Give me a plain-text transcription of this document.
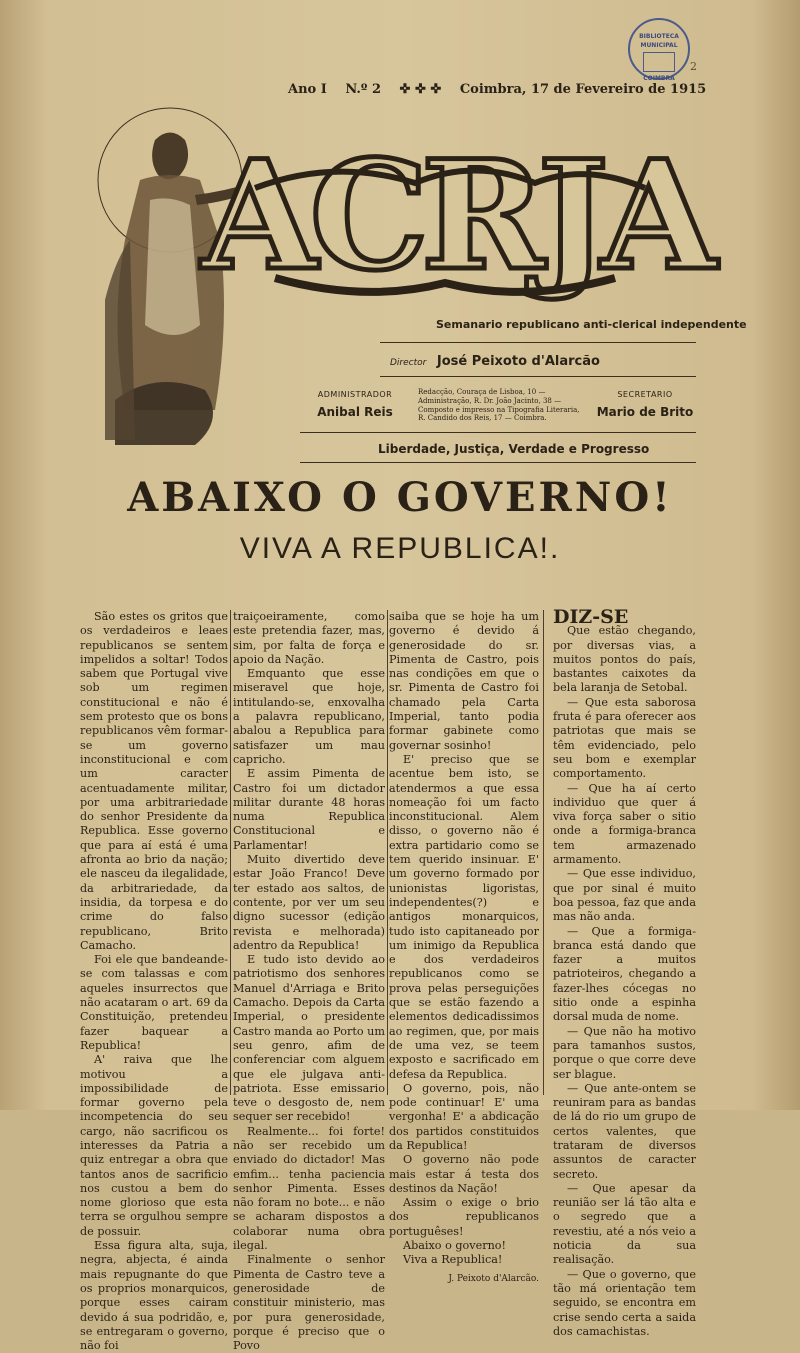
BIBLIOTECA MUNICIPAL
COIMBRA
2
Ano I N.º 2 ✜ ✜ ✜ Coimbra, 17 de Fevereiro de 1915
ACRJA
Semanario republicano anti-clerical independente
Director José Peixoto d'Alarcão
ADMINISTRADOR
Anibal Reis
Redacção, Couraça de Lisboa, 10 — Administração, R. Dr. João Jacinto, 38 — Composto e impresso na Tipografia Literaria, R. Candido dos Reis, 17 — Coimbra.
SECRETARIO
Mario de Brito
Liberdade, Justiça, Verdade e Progresso
ABAIXO O GOVERNO!
VIVA A REPUBLICA!.

São estes os gritos que os verdadeiros e leaes republicanos se sentem impelidos a soltar! Todos sabem que Portugal vive sob um regimen constitucional e não é sem protesto que os bons republicanos vêm formar-se um governo inconstitucional e com um caracter acentuadamente militar, por uma arbitrariedade do senhor Presidente da Republica. Esse governo que para aí está é uma afronta ao brio da nação; ele nasceu da ilegalidade, da arbitrariedade, da insidia, da torpesa e do crime do falso republicano, Brito Camacho.

Foi ele que bandeande-se com talassas e com aqueles insurrectos que não acataram o art. 69 da Constituição, pretendeu fazer baquear a Republica!

A' raiva que lhe motivou a impossibilidade de formar governo pela incompetencia do seu cargo, não sacrificou os interesses da Patria a quiz entregar a obra que tantos anos de sacrificio nos custou a bem do nome glorioso que esta terra se orgulhou sempre de possuir.

Essa figura alta, suja, negra, abjecta, é ainda mais repugnante do que os proprios monarquicos, porque esses cairam devido á sua podridão, e, se entregaram o governo, não foi

traiçoeiramente, como este pretendia fazer, mas, sim, por falta de força e apoio da Nação.

Emquanto que esse miseravel que hoje, intitulando-se, enxovalha a palavra republicano, abalou a Republica para satisfazer um mau capricho.

E assim Pimenta de Castro foi um dictador militar durante 48 horas numa Republica Constitucional e Parlamentar!

Muito divertido deve estar João Franco! Deve ter estado aos saltos, de contente, por ver um seu digno sucessor (edição revista e melhorada) adentro da Republica!

E tudo isto devido ao patriotismo dos senhores Manuel d'Arriaga e Brito Camacho. Depois da Carta Imperial, o presidente Castro manda ao Porto um seu genro, afim de conferenciar com alguem que ele julgava anti-patriota. Esse emissario teve o desgosto de, nem sequer ser recebido!

Realmente... foi forte! não ser recebido um enviado do dictador! Mas emfim... tenha paciencia senhor Pimenta. Esses não foram no bote... e não se acharam dispostos a colaborar numa obra ilegal.

Finalmente o senhor Pimenta de Castro teve a generosidade de constituir ministerio, mas por pura generosidade, porque é preciso que o Povo

saiba que se hoje ha um governo é devido á generosidade do sr. Pimenta de Castro, pois nas condições em que o sr. Pimenta de Castro foi chamado pela Carta Imperial, tanto podia formar gabinete como governar sosinho!

E' preciso que se acentue bem isto, se atendermos a que essa nomeação foi um facto inconstitucional. Alem disso, o governo não é extra partidario como se tem querido insinuar. E' um governo formado por unionistas ligoristas, independentes(?) e antigos monarquicos, tudo isto capitaneado por um inimigo da Republica e dos verdadeiros republicanos como se prova pelas perseguições que se estão fazendo a elementos dedicadissimos ao regimen, que, por mais de uma vez, se teem exposto e sacrificado em defesa da Republica.

O governo, pois, não pode continuar! E' uma vergonha! E' a abdicação dos partidos constituidos da Republica!

O governo não pode mais estar á testa dos destinos da Nação!

Assim o exige o brio dos republicanos portuguêses!

Abaixo o governo!

Viva a Republica!

J. Peixoto d'Alarcão.

DIZ-SE

Que estão chegando, por diversas vias, a muitos pontos do país, bastantes caixotes da bela laranja de Setobal.

— Que esta saborosa fruta é para oferecer aos patriotas que mais se têm evidenciado, pelo seu bom e exemplar comportamento.

— Que ha aí certo individuo que quer á viva força saber o sitio onde a formiga-branca tem armazenado armamento.

— Que esse individuo, que por sinal é muito boa pessoa, faz que anda mas não anda.

— Que a formiga-branca está dando que fazer a muitos patrioteiros, chegando a fazer-lhes cócegas no sitio onde a espinha dorsal muda de nome.

— Que não ha motivo para tamanhos sustos, porque o que corre deve ser blague.

— Que ante-ontem se reuniram para as bandas de lá do rio um grupo de certos valentes, que trataram de diversos assuntos de caracter secreto.

— Que apesar da reunião ser lá tão alta e o segredo que a revestiu, até a nós veio a noticia da sua realisação.

— Que o governo, que tão má orientação tem seguido, se encontra em crise sendo certa a saida dos camachistas.
